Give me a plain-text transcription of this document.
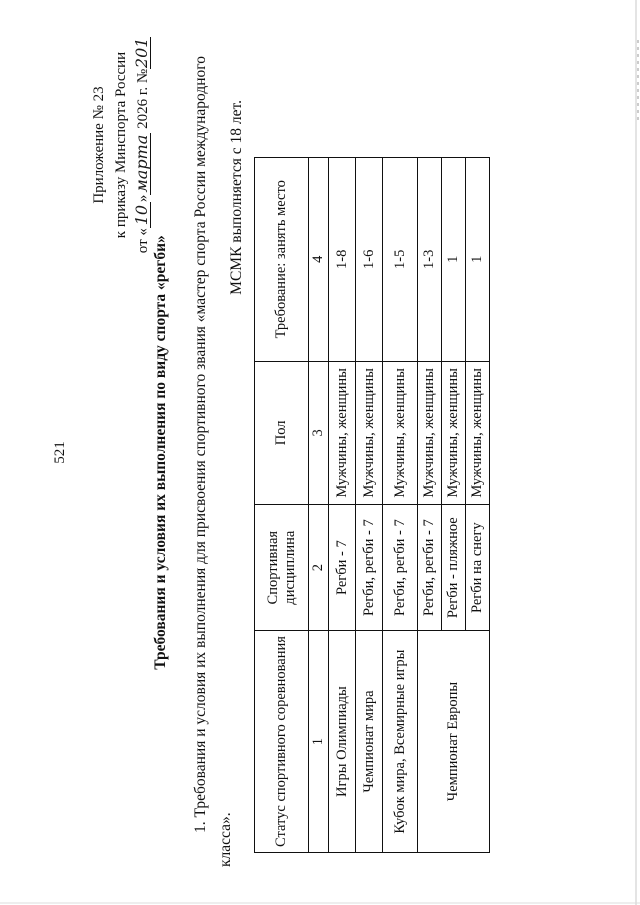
521
Приложение № 23 к приказу Минспорта России
от «10»марта 2026 г. №201
Требования и условия их выполнения по виду спорта «регби» 1. Требования и условия их выполнения для присвоения спортивного звания «мастер спорта России международного класса».
МСМК выполняется с 18 лет.
Статус спортивного соревнования	Спортивная дисциплина	Пол	Требование: занять место
1	2	3	4
Игры Олимпиады	Регби - 7	Мужчины, женщины	1-8
Чемпионат мира	Регби, регби - 7	Мужчины, женщины	1-6
Кубок мира, Всемирные игры	Регби, регби - 7	Мужчины, женщины	1-5
Чемпионат Европы	Регби, регби - 7	Мужчины, женщины	1-3
	Регби - пляжное	Мужчины, женщины	1
	Регби на снегу	Мужчины, женщины	1
